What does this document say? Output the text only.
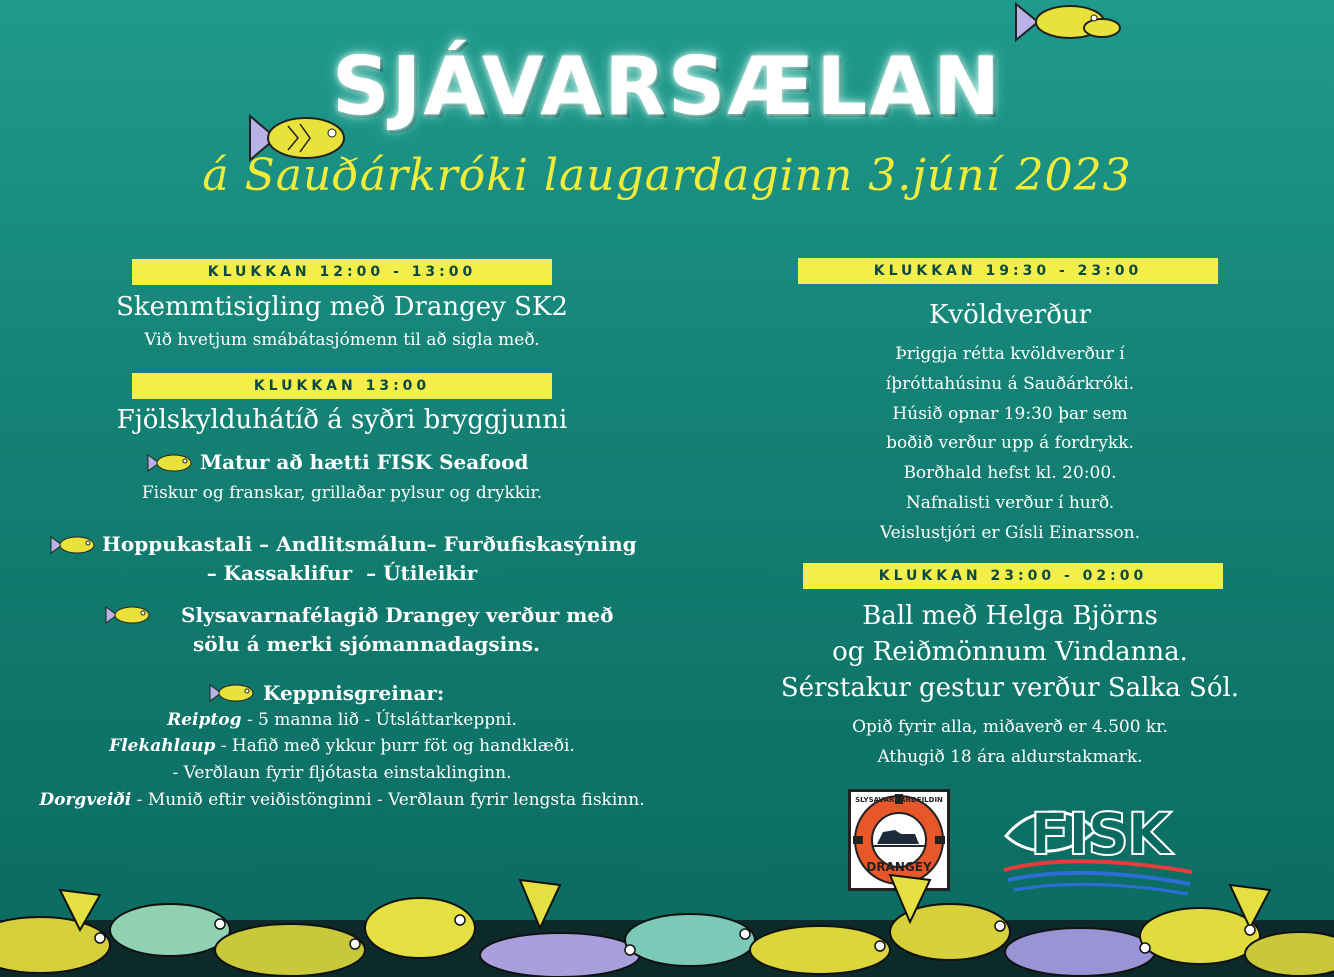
SJÁVARSÆLAN
á Sauðárkróki laugardaginn 3.júní 2023
KLUKKAN 12:00 - 13:00
Skemmtisigling með Drangey SK2
Við hvetjum smábátasjómenn til að sigla með.
KLUKKAN 13:00
Fjölskylduhátíð á syðri bryggjunni
Matur að hætti FISK Seafood
Fiskur og franskar, grillaðar pylsur og drykkir.
Hoppukastali – Andlitsmálun– Furðufiskasýning
– Kassaklifur  – Útileikir
Slysavarnafélagið Drangey verður með
sölu á merki sjómannadagsins.
Keppnisgreinar:
Reiptog - 5 manna lið - Útsláttarkeppni.
Flekahlaup - Hafið með ykkur þurr föt og handklæði.
- Verðlaun fyrir fljótasta einstaklinginn.
Dorgveiði - Munið eftir veiðistönginni - Verðlaun fyrir lengsta fiskinn.
KLUKKAN 19:30 - 23:00
Kvöldverður
Þriggja rétta kvöldverður í
íþróttahúsinu á Sauðárkróki.
Húsið opnar 19:30 þar sem
boðið verður upp á fordrykk.
Borðhald hefst kl. 20:00.
Nafnalisti verður í hurð.
Veislustjóri er Gísli Einarsson.
KLUKKAN 23:00 - 02:00
Ball með Helga Björns
og Reiðmönnum Vindanna.
Sérstakur gestur verður Salka Sól.
Opið fyrir alla, miðaverð er 4.500 kr.
Athugið 18 ára aldurstakmark.
SLYSAVARNARDEILDIN
DRANGEY FISK
